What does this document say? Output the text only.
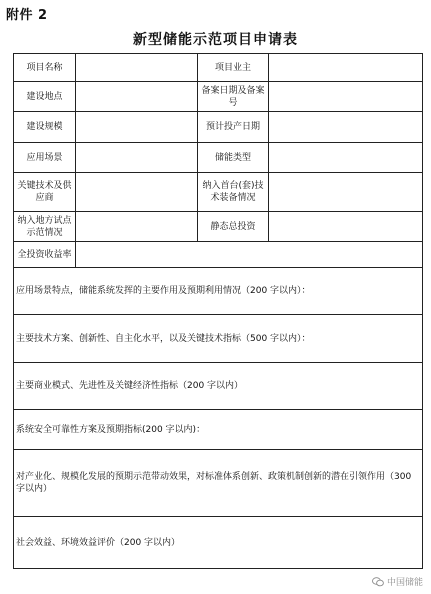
附件 2
新型储能示范项目申请表
项目名称		项目业主	
建设地点		备案日期及备案号	
建设规模		预计投产日期	
应用场景		储能类型	
关键技术及供应商		纳入首台(套)技术装备情况	
纳入地方试点示范情况		静态总投资	
全投资收益率			
应用场景特点，储能系统发挥的主要作用及预期利用情况（200 字以内）：			
主要技术方案、创新性、自主化水平，以及关键技术指标（500 字以内）：			
主要商业模式、先进性及关键经济性指标（200 字以内）			
系统安全可靠性方案及预期指标(200 字以内)：			
对产业化、规模化发展的预期示范带动效果，对标准体系创新、政策机制创新的潜在引领作用（300 字以内）			
社会效益、环境效益评价（200 字以内）			
中国储能
